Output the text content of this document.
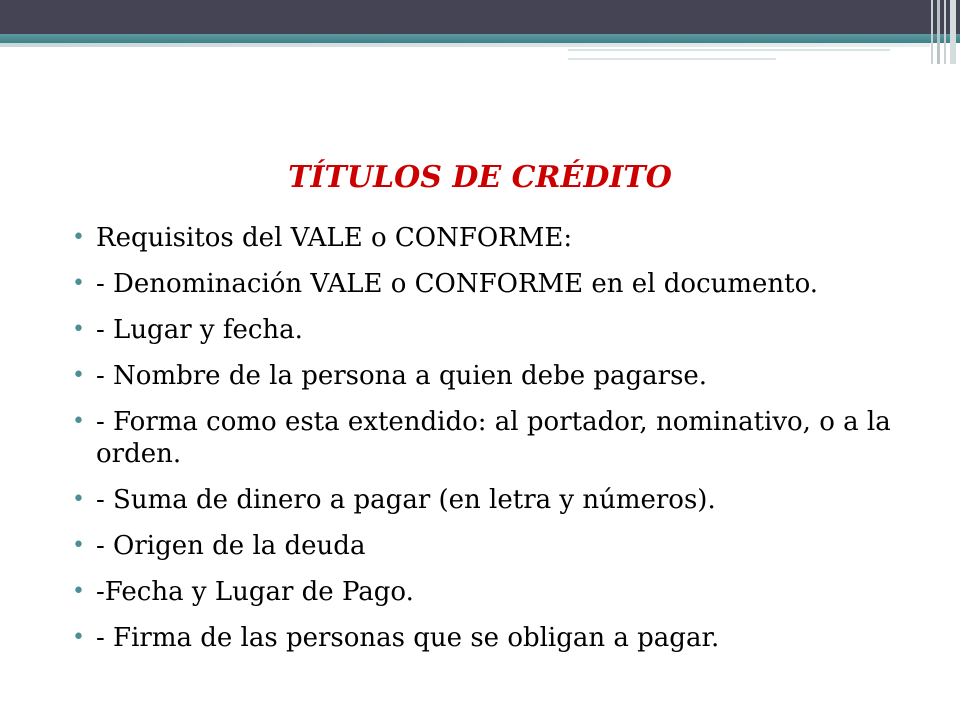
TÍTULOS DE CRÉDITO
• Requisitos del VALE o CONFORME:
• - Denominación VALE o CONFORME en el documento.
• - Lugar y fecha.
• - Nombre de la persona a quien debe pagarse.
• - Forma como esta extendido: al portador, nominativo, o a la orden.
• - Suma de dinero a pagar (en letra y números).
• - Origen de la deuda
• -Fecha y Lugar de Pago.
• - Firma de las personas que se obligan a pagar.
